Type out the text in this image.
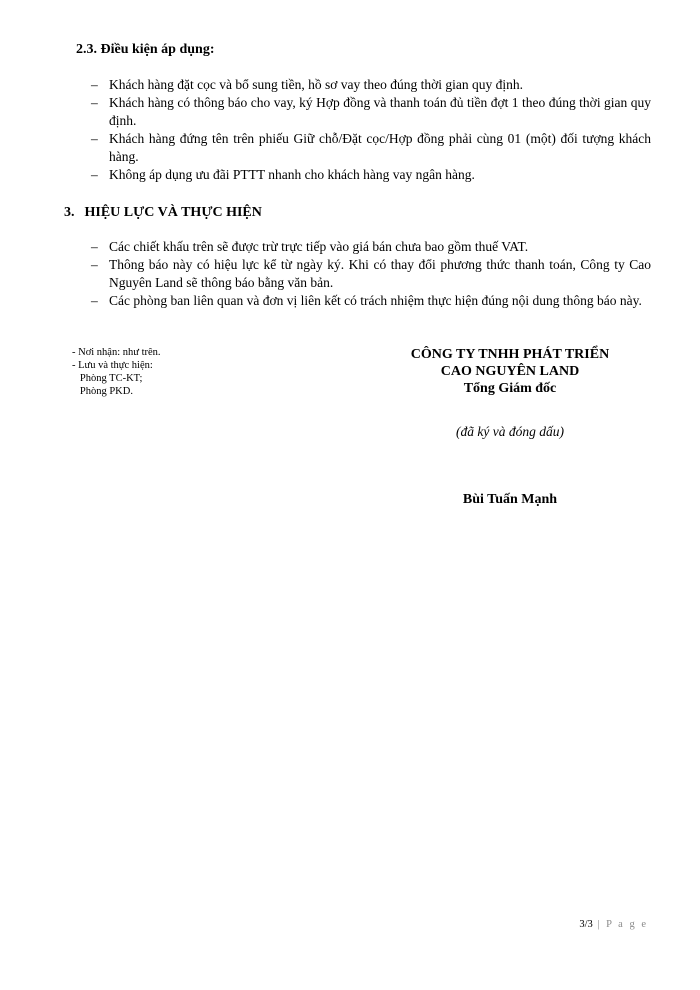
2.3. Điều kiện áp dụng:
– Khách hàng đặt cọc và bổ sung tiền, hồ sơ vay theo đúng thời gian quy định.
– Khách hàng có thông báo cho vay, ký Hợp đồng và thanh toán đủ tiền đợt 1 theo đúng thời gian quy định.
– Khách hàng đứng tên trên phiếu Giữ chỗ/Đặt cọc/Hợp đồng phải cùng 01 (một) đối tượng khách hàng.
– Không áp dụng ưu đãi PTTT nhanh cho khách hàng vay ngân hàng.
3. HIỆU LỰC VÀ THỰC HIỆN
– Các chiết khấu trên sẽ được trừ trực tiếp vào giá bán chưa bao gồm thuế VAT.
– Thông báo này có hiệu lực kể từ ngày ký. Khi có thay đổi phương thức thanh toán, Công ty Cao Nguyên Land sẽ thông báo bằng văn bản.
– Các phòng ban liên quan và đơn vị liên kết có trách nhiệm thực hiện đúng nội dung thông báo này.
- Nơi nhận: như trên.
- Lưu và thực hiện:
Phòng TC-KT;
Phòng PKD.
CÔNG TY TNHH PHÁT TRIỂN
CAO NGUYÊN LAND
Tổng Giám đốc
(đã ký và đóng dấu)
Bùi Tuấn Mạnh
3/3 | P a g e
